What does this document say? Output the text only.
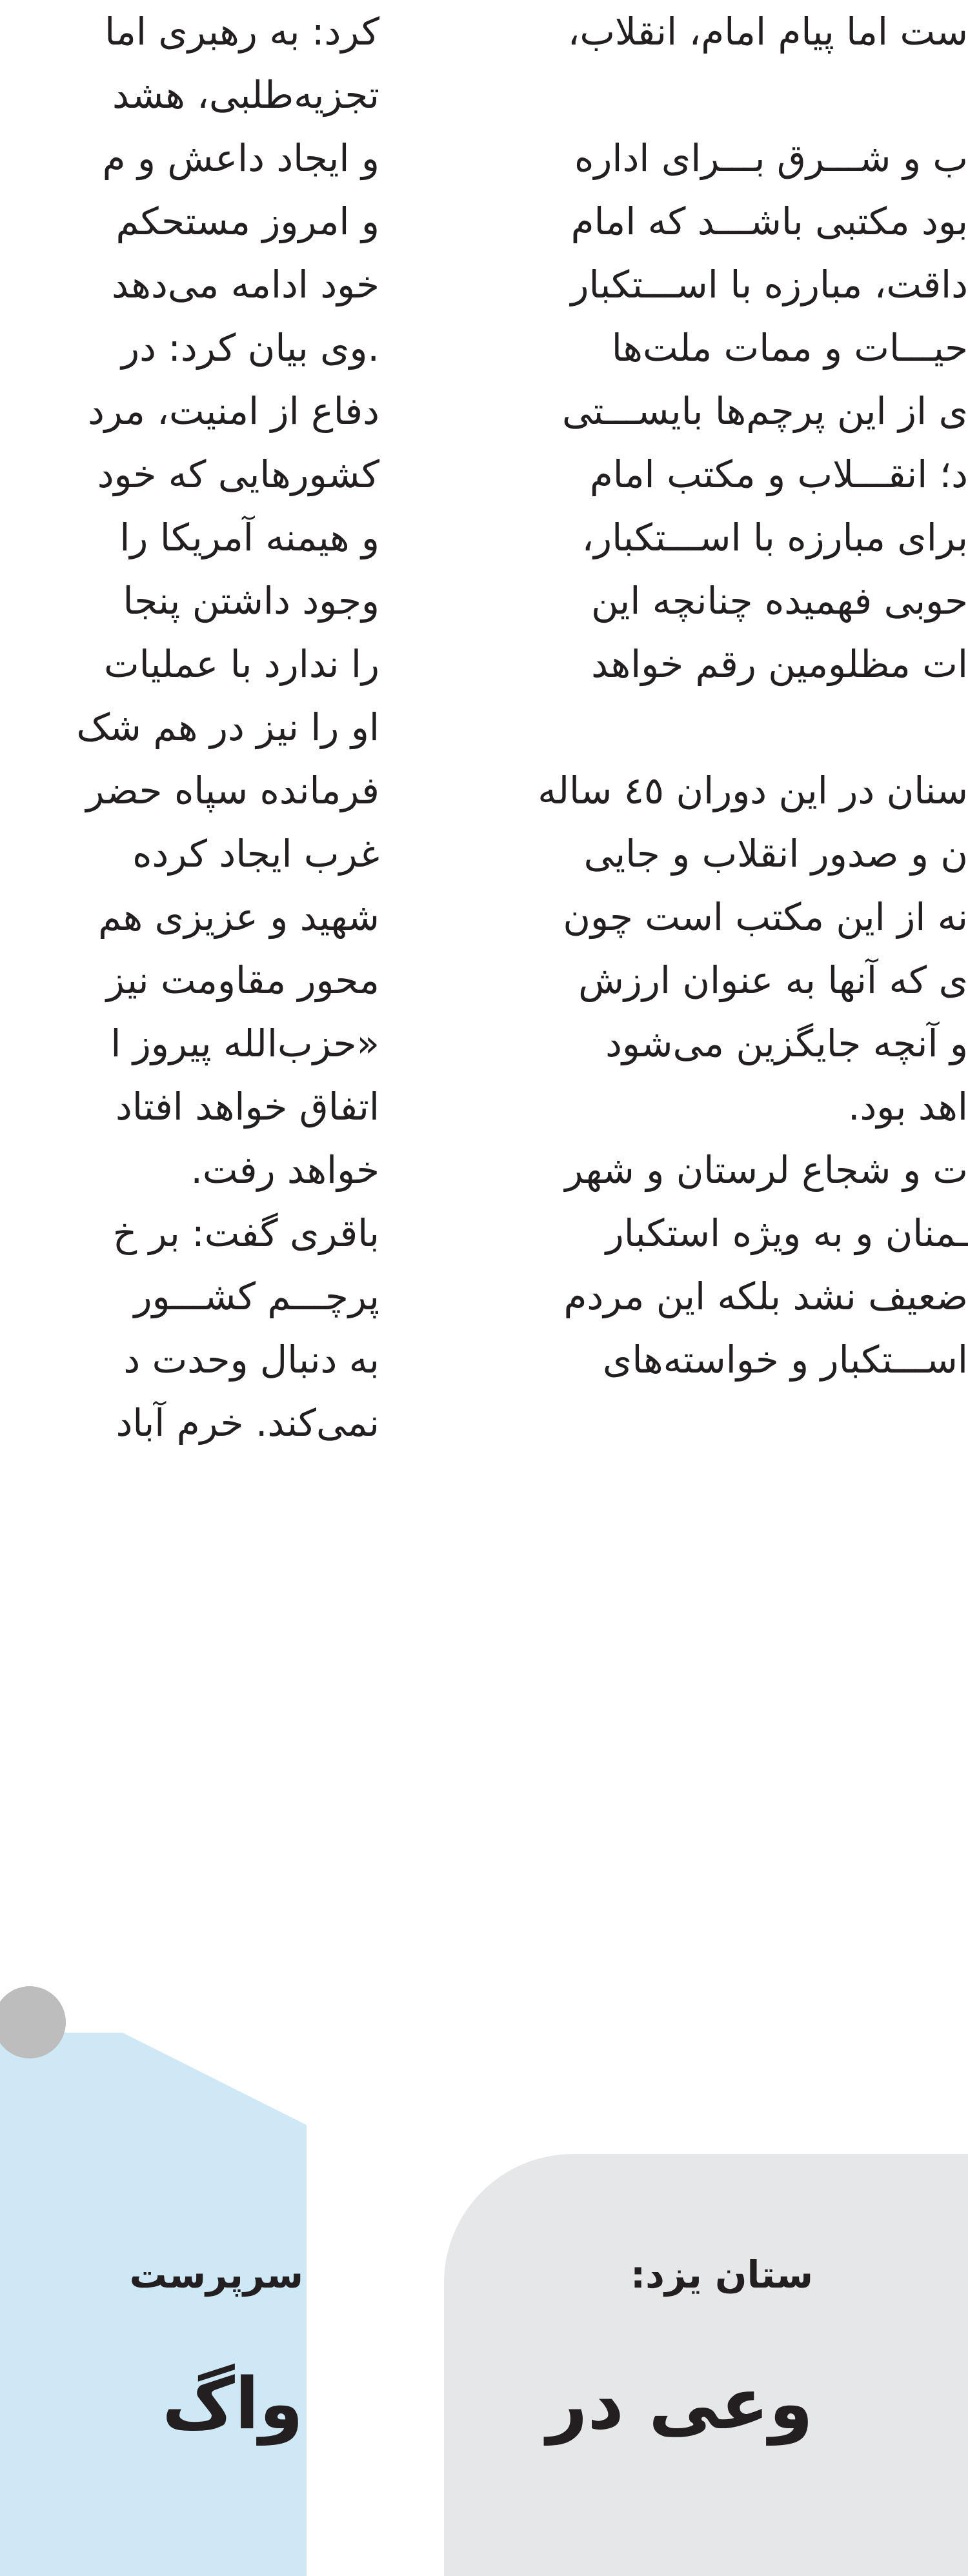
کرد: به رهبری اما
تجزیه‌طلبی، هشد
و ایجاد داعش و م
و امروز مستحکم
خود ادامه می‌دهد
.وی بیان کرد: در
دفاع از امنیت، مرد
کشورهایی که خود
و هیمنه آمریکا را
وجود داشتن پنجا
را ندارد با عملیات
او را نیز در هم شک
فرمانده سپاه حضر
غرب ایجاد کرده
شهید و عزیزی هم
محور مقاومت نیز
«حزب‌الله پیروز ا
اتفاق خواهد افتاد
خواهد رفت.
باقری گفت: بر خ
پرچـــم کشـــور
به دنبال وحدت د
نمی‌کند. خرم آباد
ست اما پیام امام، انقلاب،
ب و شـــرق بـــرای اداره
بود مکتبی باشـــد که امام
داقت، مبارزه با اســـتکبار
حیـــات و ممات ملت‌ها
ی از این پرچم‌ها بایســـتی
د؛ انقـــلاب و مکتب امام
برای مبارزه با اســـتکبار،
حوبی فهمیده چنانچه این
ات مظلومین رقم خواهد
سنان در این دوران ٤٥ ساله
ن و صدور انقلاب و جایی
نه از این مکتب است چون
ی که آنها به عنوان ارزش
و آنچه جایگزین می‌شود
اهد بود.
ت و شجاع لرستان و شهر
ـمنان و به ویژه استکبار
ضعیف نشد بلکه این مردم
اســـتکبار و خواسته‌های
سرپرست
واگ
ستان یزد:
وعی در
